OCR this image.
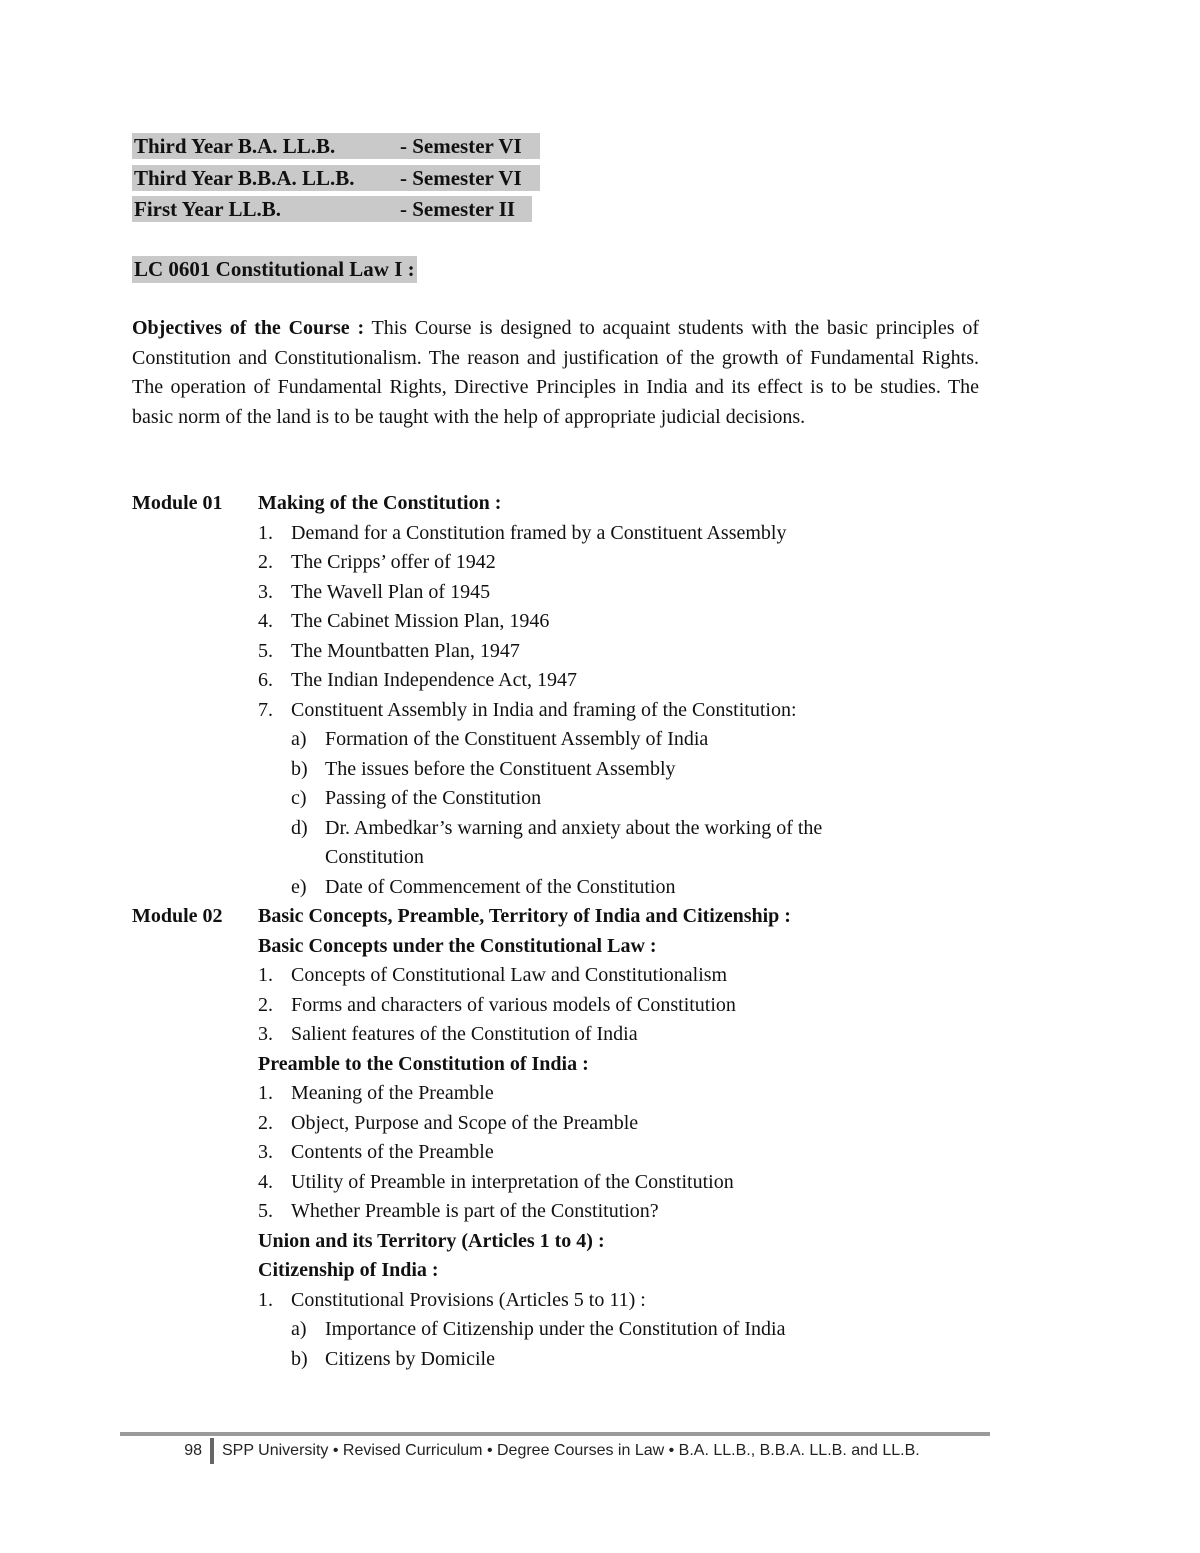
Third Year B.A. LL.B.	- Semester VI
Third Year B.B.A. LL.B.	- Semester VI
First Year LL.B.	- Semester II
LC 0601 Constitutional Law I :
Objectives of the Course : This Course is designed to acquaint students with the basic principles of Constitution and Constitutionalism. The reason and justification of the growth of Fundamental Rights. The operation of Fundamental Rights, Directive Principles in India and its effect is to be studies. The basic norm of the land is to be taught with the help of appropriate judicial decisions.
Module 01 Making of the Constitution :
1. Demand for a Constitution framed by a Constituent Assembly
2. The Cripps’ offer of 1942
3. The Wavell Plan of 1945
4. The Cabinet Mission Plan, 1946
5. The Mountbatten Plan, 1947
6. The Indian Independence Act, 1947
7. Constituent Assembly in India and framing of the Constitution:
a) Formation of the Constituent Assembly of India
b) The issues before the Constituent Assembly
c) Passing of the Constitution
d) Dr. Ambedkar’s warning and anxiety about the working of the Constitution
e) Date of Commencement of the Constitution
Module 02 Basic Concepts, Preamble, Territory of India and Citizenship :
Basic Concepts under the Constitutional Law :
1. Concepts of Constitutional Law and Constitutionalism
2. Forms and characters of various models of Constitution
3. Salient features of the Constitution of India
Preamble to the Constitution of India :
1. Meaning of the Preamble
2. Object, Purpose and Scope of the Preamble
3. Contents of the Preamble
4. Utility of Preamble in interpretation of the Constitution
5. Whether Preamble is part of the Constitution?
Union and its Territory (Articles 1 to 4) :
Citizenship of India :
1. Constitutional Provisions (Articles 5 to 11) :
a) Importance of Citizenship under the Constitution of India
b) Citizens by Domicile
98	SPP University • Revised Curriculum • Degree Courses in Law • B.A. LL.B., B.B.A. LL.B. and LL.B.
